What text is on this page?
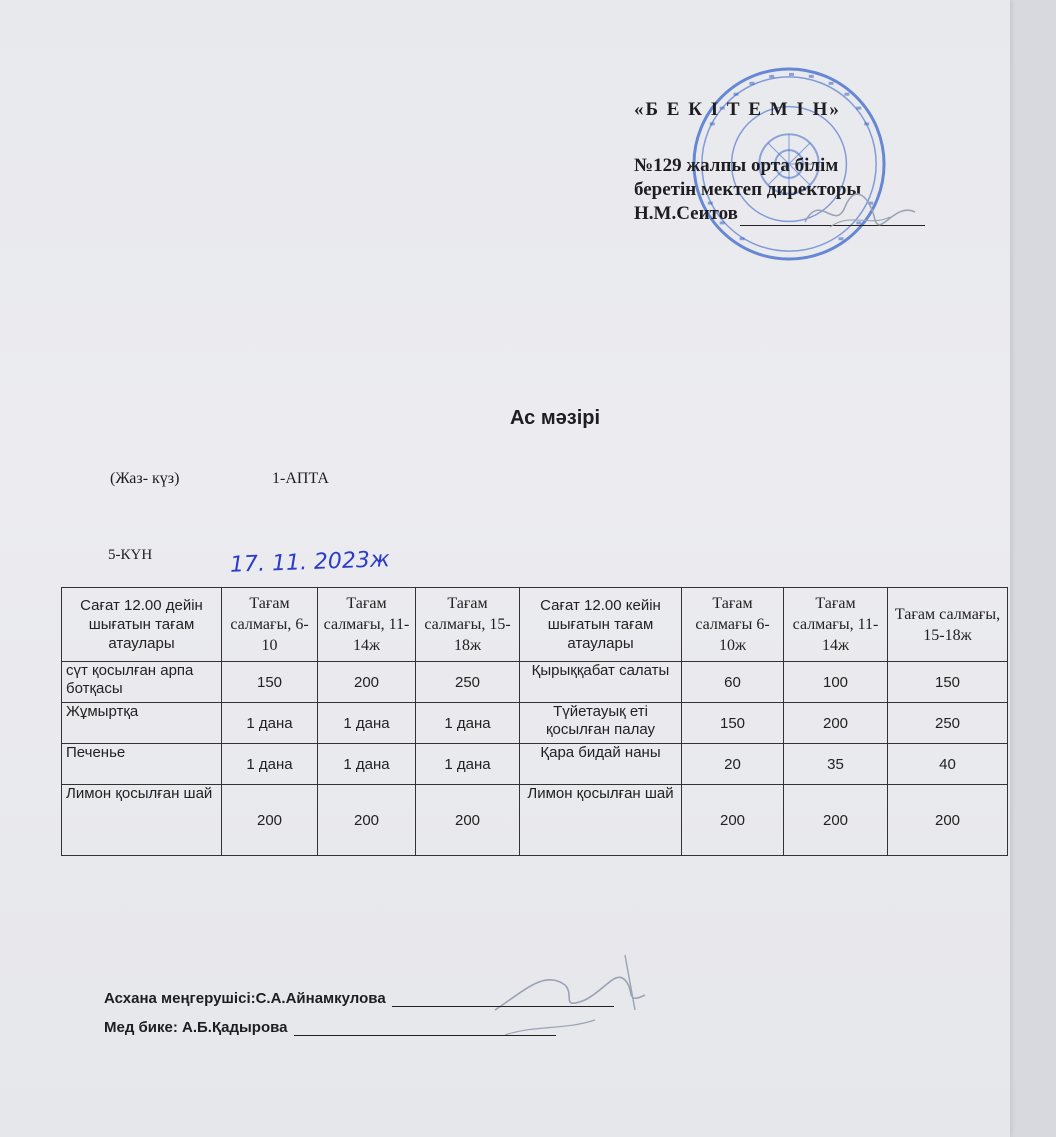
«Б Е К І Т Е М І Н»
№129 жалпы орта білім
беретін мектеп директоры
Н.М.Сеитов
Ас мәзірі
(Жаз- күз)	1-АПТА
5-КҮН	17. 11. 2023ж
Сағат 12.00 дейін шығатын тағам атаулары	Тағам салмағы, 6-10	Тағам салмағы, 11-14ж	Тағам салмағы, 15-18ж	Сағат 12.00 кейін шығатын тағам атаулары	Тағам салмағы 6-10ж	Тағам салмағы, 11-14ж	Тағам салмағы, 15-18ж
сүт қосылған арпа ботқасы	150	200	250	Қырыққабат салаты	60	100	150
Жұмыртқа	1 дана	1 дана	1 дана	Түйетауық еті қосылған палау	150	200	250
Печенье	1 дана	1 дана	1 дана	Қара бидай наны	20	35	40
Лимон қосылған шай	200	200	200	Лимон қосылған шай	200	200	200
Асхана меңгерушісі:С.А.Айнамкулова
Мед бике: А.Б.Қадырова
